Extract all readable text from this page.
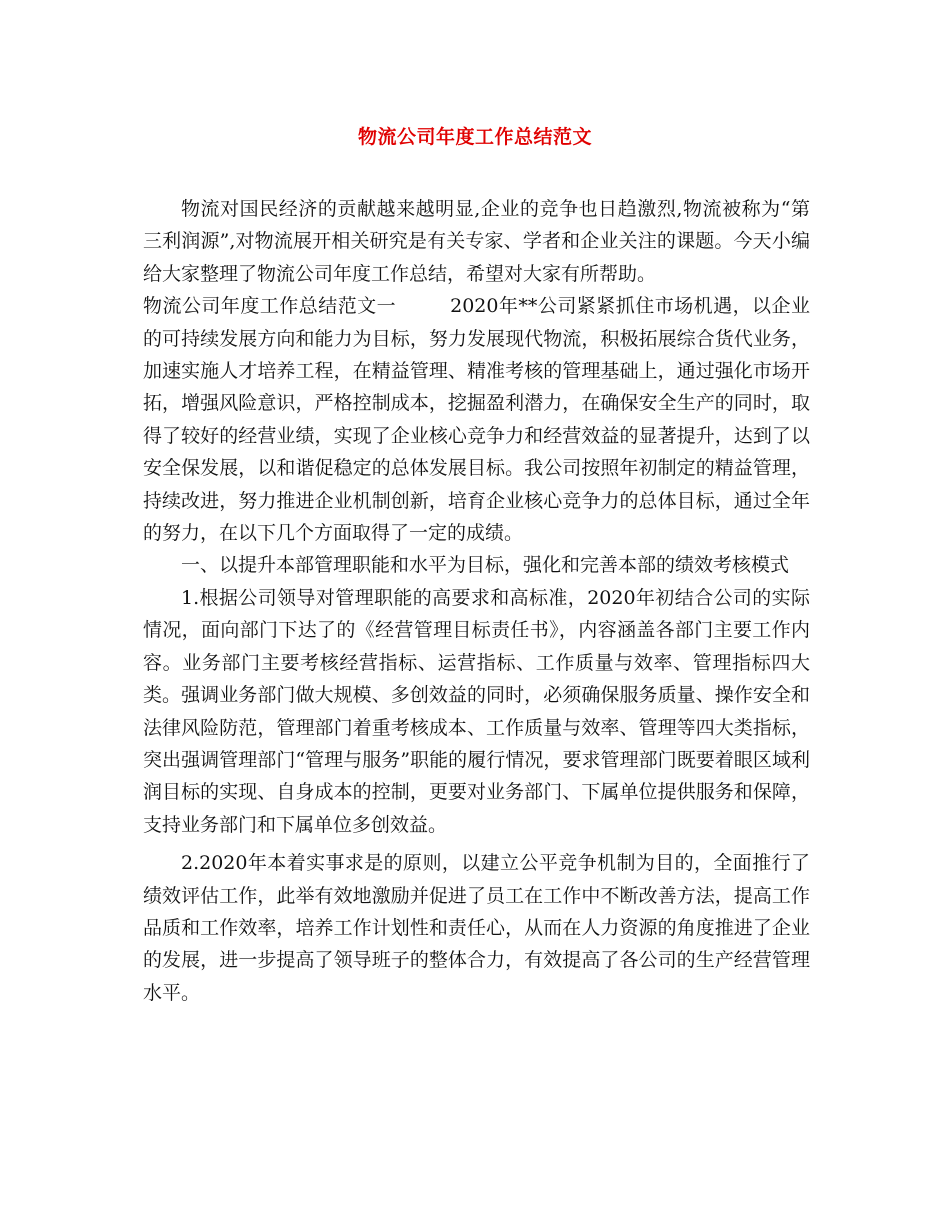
物流公司年度工作总结范文

物流对国民经济的贡献越来越明显,企业的竞争也日趋激烈,物流被称为“第三利润源”,对物流展开相关研究是有关专家、学者和企业关注的课题。今天小编给大家整理了物流公司年度工作总结，希望对大家有所帮助。

物流公司年度工作总结范文一	2020年**公司紧紧抓住市场机遇，以企业的可持续发展方向和能力为目标，努力发展现代物流，积极拓展综合货代业务，加速实施人才培养工程，在精益管理、精准考核的管理基础上，通过强化市场开拓，增强风险意识，严格控制成本，挖掘盈利潜力，在确保安全生产的同时，取得了较好的经营业绩，实现了企业核心竞争力和经营效益的显著提升，达到了以安全保发展，以和谐促稳定的总体发展目标。我公司按照年初制定的精益管理，持续改进，努力推进企业机制创新，培育企业核心竞争力的总体目标，通过全年的努力，在以下几个方面取得了一定的成绩。

一、以提升本部管理职能和水平为目标，强化和完善本部的绩效考核模式

1.根据公司领导对管理职能的高要求和高标准，2020年初结合公司的实际情况，面向部门下达了的《经营管理目标责任书》，内容涵盖各部门主要工作内容。业务部门主要考核经营指标、运营指标、工作质量与效率、管理指标四大类。强调业务部门做大规模、多创效益的同时，必须确保服务质量、操作安全和法律风险防范，管理部门着重考核成本、工作质量与效率、管理等四大类指标，突出强调管理部门“管理与服务”职能的履行情况，要求管理部门既要着眼区域利润目标的实现、自身成本的控制，更要对业务部门、下属单位提供服务和保障，支持业务部门和下属单位多创效益。

2.2020年本着实事求是的原则，以建立公平竞争机制为目的，全面推行了绩效评估工作，此举有效地激励并促进了员工在工作中不断改善方法，提高工作品质和工作效率，培养工作计划性和责任心，从而在人力资源的角度推进了企业的发展，进一步提高了领导班子的整体合力，有效提高了各公司的生产经营管理水平。
